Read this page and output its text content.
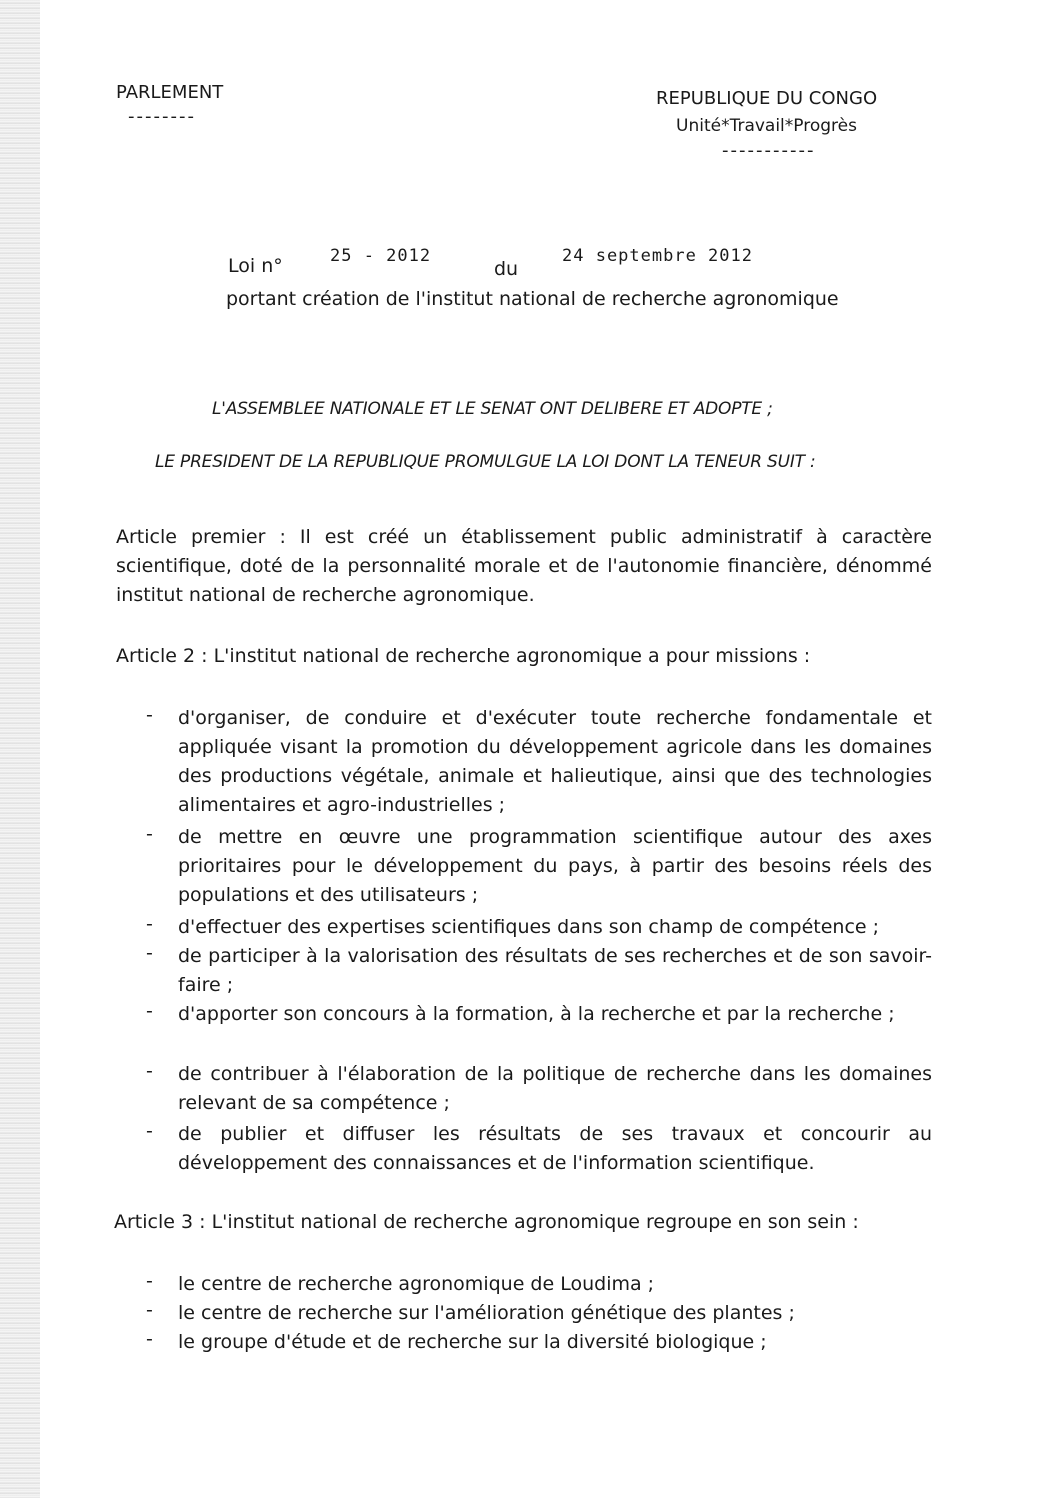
PARLEMENT
--------
REPUBLIQUE DU CONGO
Unité*Travail*Progrès
-----------
Loi n°	25 - 2012
du
24 septembre 2012
portant création de l'institut national de recherche agronomique
L'ASSEMBLEE NATIONALE ET LE SENAT ONT DELIBERE ET ADOPTE ;
LE PRESIDENT DE LA REPUBLIQUE PROMULGUE LA LOI DONT LA TENEUR SUIT :
Article premier : Il est créé un établissement public administratif à caractère scientifique, doté de la personnalité morale et de l'autonomie financière, dénommé institut national de recherche agronomique.
Article 2 : L'institut national de recherche agronomique a pour missions :
- d'organiser, de conduire et d'exécuter toute recherche fondamentale et appliquée visant la promotion du développement agricole dans les domaines des productions végétale, animale et halieutique, ainsi que des technologies alimentaires et agro-industrielles ;
- de mettre en œuvre une programmation scientifique autour des axes prioritaires pour le développement du pays, à partir des besoins réels des populations et des utilisateurs ;
- d'effectuer des expertises scientifiques dans son champ de compétence ;
- de participer à la valorisation des résultats de ses recherches et de son savoir-faire ;
- d'apporter son concours à la formation, à la recherche et par la recherche ;
- de contribuer à l'élaboration de la politique de recherche dans les domaines relevant de sa compétence ;
- de publier et diffuser les résultats de ses travaux et concourir au développement des connaissances et de l'information scientifique.
Article 3 : L'institut national de recherche agronomique regroupe en son sein :
- le centre de recherche agronomique de Loudima ;
- le centre de recherche sur l'amélioration génétique des plantes ;
- le groupe d'étude et de recherche sur la diversité biologique ;
